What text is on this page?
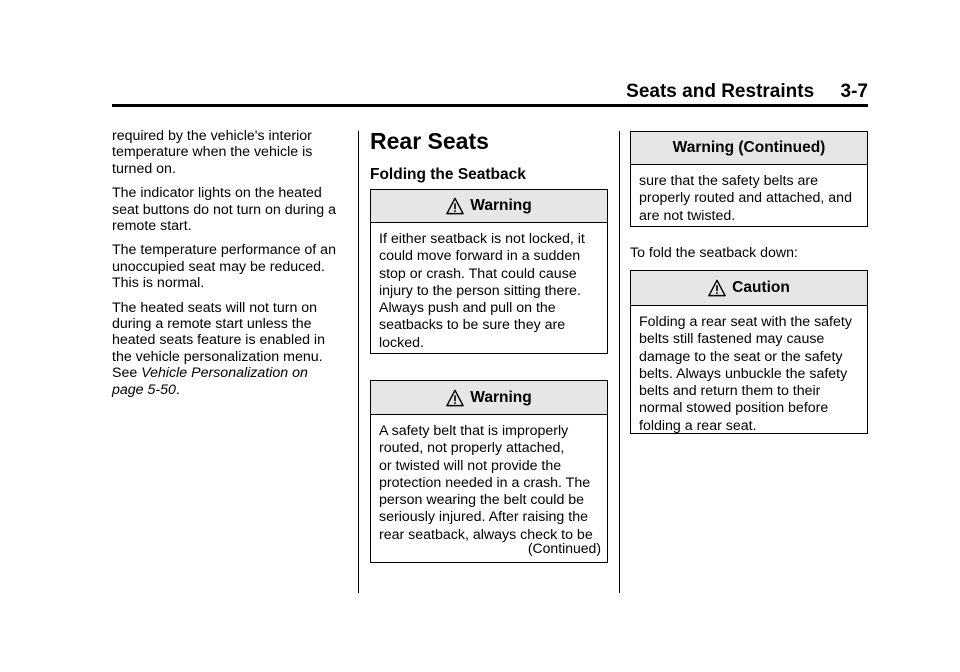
Seats and Restraints     3-7

required by the vehicle's interior
temperature when the vehicle is
turned on.

The indicator lights on the heated
seat buttons do not turn on during a
remote start.

The temperature performance of an
unoccupied seat may be reduced.
This is normal.

The heated seats will not turn on
during a remote start unless the
heated seats feature is enabled in
the vehicle personalization menu.
See Vehicle Personalization on
page 5-50.

Rear Seats
Folding the Seatback
Warning
If either seatback is not locked, it
could move forward in a sudden
stop or crash. That could cause
injury to the person sitting there.
Always push and pull on the
seatbacks to be sure they are
locked.
Warning
A safety belt that is improperly
routed, not properly attached,
or twisted will not provide the
protection needed in a crash. The
person wearing the belt could be
seriously injured. After raising the
rear seatback, always check to be
(Continued)
Warning (Continued)
sure that the safety belts are
properly routed and attached, and
are not twisted.
To fold the seatback down:
Caution
Folding a rear seat with the safety
belts still fastened may cause
damage to the seat or the safety
belts. Always unbuckle the safety
belts and return them to their
normal stowed position before
folding a rear seat.
